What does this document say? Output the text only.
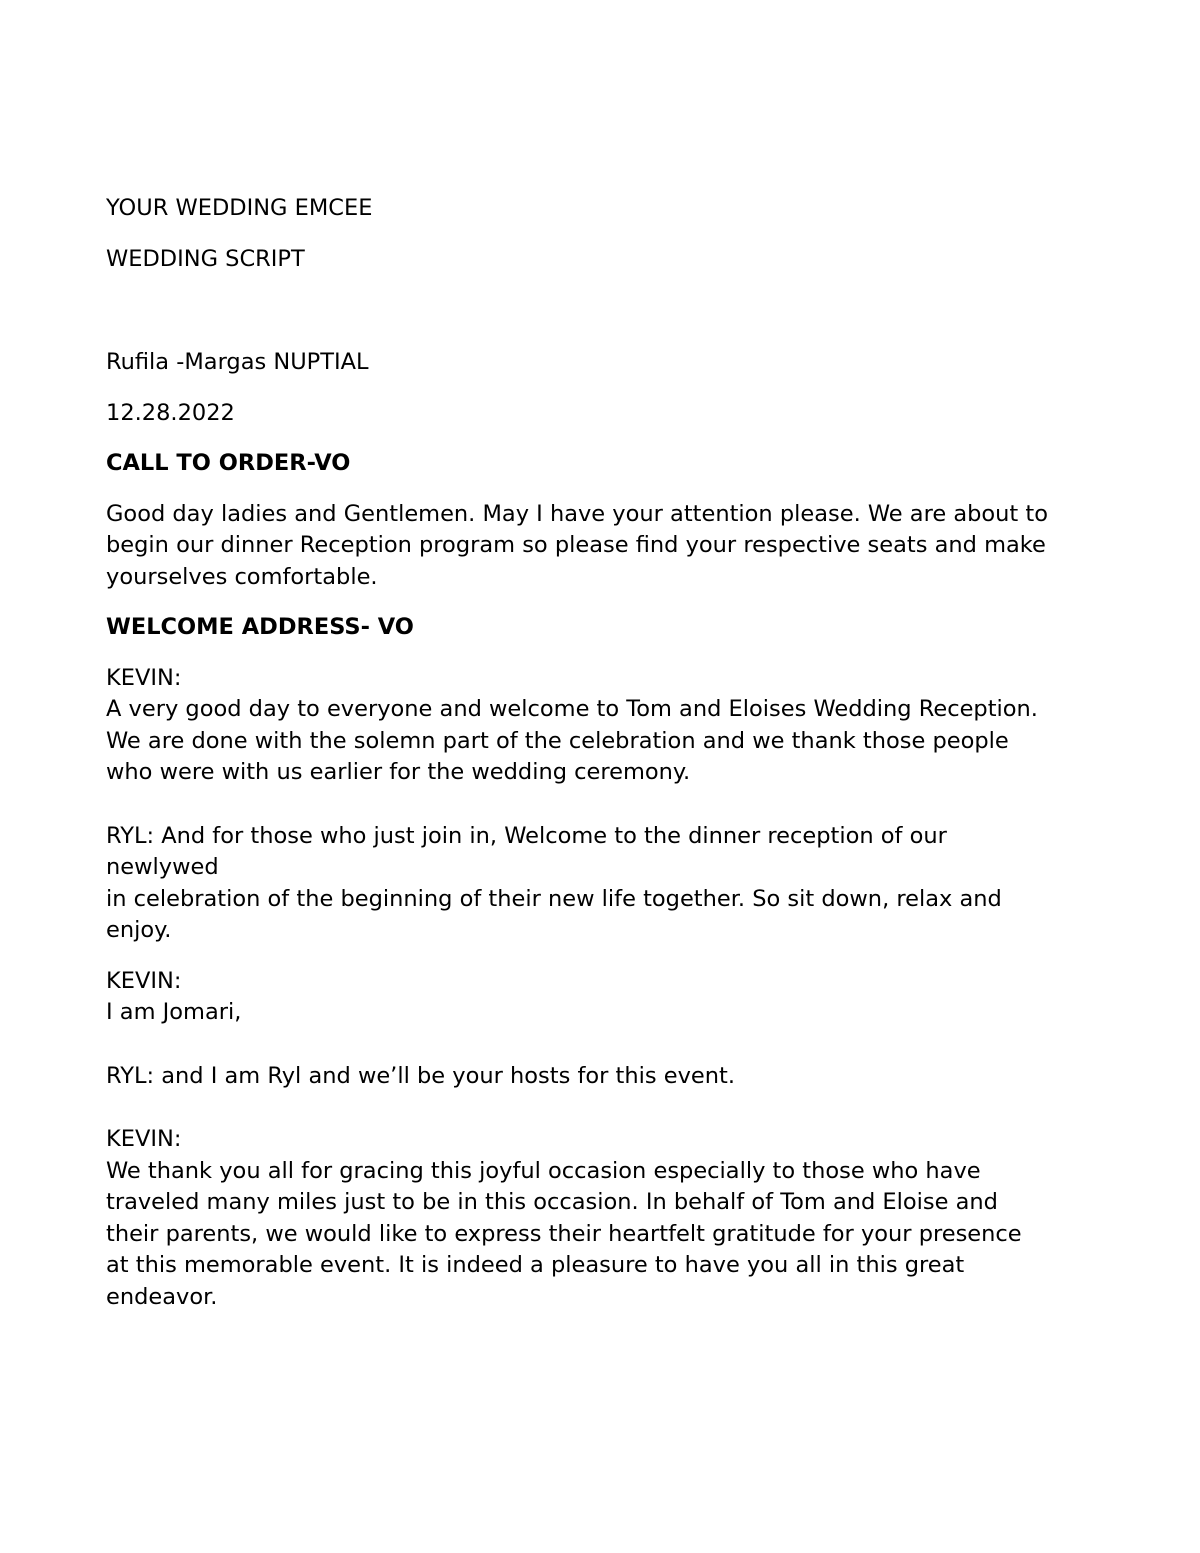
YOUR WEDDING EMCEE

WEDDING SCRIPT

Rufila -Margas NUPTIAL

12.28.2022

CALL TO ORDER-VO

Good day ladies and Gentlemen. May I have your attention please. We are about to
begin our dinner Reception program so please find your respective seats and make
yourselves comfortable.

WELCOME ADDRESS- VO

KEVIN:

A very good day to everyone and welcome to Tom and Eloises Wedding Reception.
We are done with the solemn part of the celebration and we thank those people
who were with us earlier for the wedding ceremony.

RYL: And for those who just join in, Welcome to the dinner reception of our
newlywed
in celebration of the beginning of their new life together. So sit down, relax and
enjoy.

KEVIN:

I am Jomari,

RYL: and I am Ryl and we’ll be your hosts for this event.

KEVIN:

We thank you all for gracing this joyful occasion especially to those who have
traveled many miles just to be in this occasion. In behalf of Tom and Eloise and
their parents, we would like to express their heartfelt gratitude for your presence
at this memorable event. It is indeed a pleasure to have you all in this great
endeavor.
